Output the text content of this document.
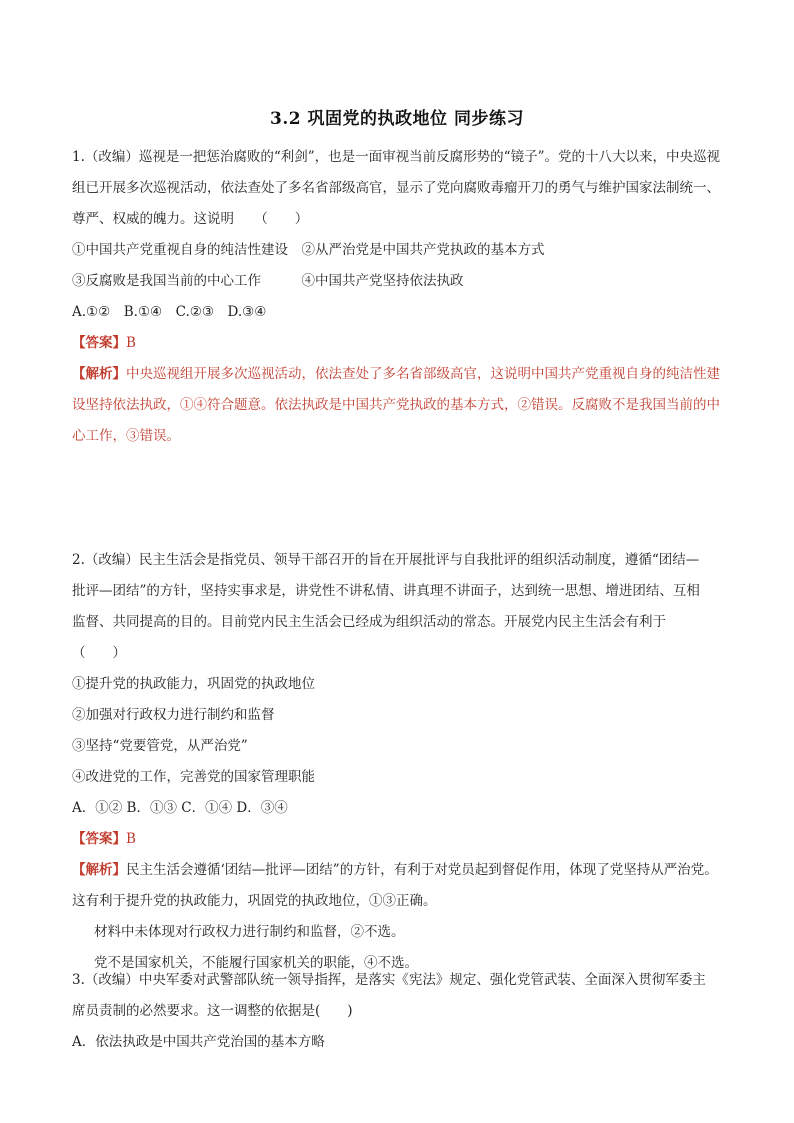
3.2 巩固党的执政地位 同步练习
1.（改编）巡视是一把惩治腐败的“利剑”，也是一面审视当前反腐形势的“镜子”。党的十八大以来，中央巡视
组已开展多次巡视活动，依法查处了多名省部级高官，显示了党向腐败毒瘤开刀的勇气与维护国家法制统一、
尊严、权威的魄力。这说明　　（　　）
①中国共产党重视自身的纯洁性建设　②从严治党是中国共产党执政的基本方式
③反腐败是我国当前的中心工作　　　④中国共产党坚持依法执政
A.①②　B.①④　C.②③　D.③④
【答案】B
【解析】中央巡视组开展多次巡视活动，依法查处了多名省部级高官，这说明中国共产党重视自身的纯洁性建
设坚持依法执政，①④符合题意。依法执政是中国共产党执政的基本方式，②错误。反腐败不是我国当前的中
心工作，③错误。
2.（改编）民主生活会是指党员、领导干部召开的旨在开展批评与自我批评的组织活动制度，遵循“团结—
批评—团结”的方针，坚持实事求是，讲党性不讲私情、讲真理不讲面子，达到统一思想、增进团结、互相
监督、共同提高的目的。目前党内民主生活会已经成为组织活动的常态。开展党内民主生活会有利于
（　　）
①提升党的执政能力，巩固党的执政地位
②加强对行政权力进行制约和监督
③坚持“党要管党，从严治党”
④改进党的工作，完善党的国家管理职能
A．①② B．①③ C．①④ D．③④
【答案】B
【解析】民主生活会遵循‘团结—批评—团结”的方针，有利于对党员起到督促作用，体现了党坚持从严治党。
这有利于提升党的执政能力，巩固党的执政地位，①③正确。
材料中未体现对行政权力进行制约和监督，②不选。
党不是国家机关，不能履行国家机关的职能，④不选。
3.（改编）中央军委对武警部队统一领导指挥，是落实《宪法》规定、强化党管武装、全面深入贯彻军委主
席员责制的必然要求。这一调整的依据是(　　)
A．依法执政是中国共产党治国的基本方略
